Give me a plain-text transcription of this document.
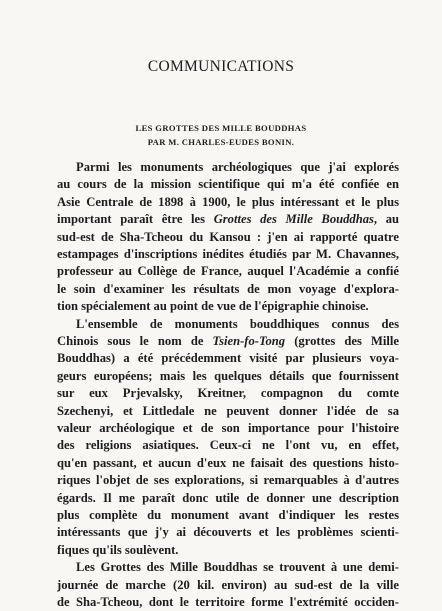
COMMUNICATIONS
LES GROTTES DES MILLE BOUDDHAS
PAR M. CHARLES-EUDES BONIN.
Parmi les monuments archéologiques que j'ai explorés
au cours de la mission scientifique qui m'a été confiée en
Asie Centrale de 1898 à 1900, le plus intéressant et le plus
important paraît être les Grottes des Mille Bouddhas, au
sud-est de Sha-Tcheou du Kansou : j'en ai rapporté quatre
estampages d'inscriptions inédites étudiés par M. Chavannes,
professeur au Collège de France, auquel l'Académie a confié
le soin d'examiner les résultats de mon voyage d'explora-
tion spécialement au point de vue de l'épigraphie chinoise.
L'ensemble de monuments bouddhiques connus des
Chinois sous le nom de Tsien-fo-Tong (grottes des Mille
Bouddhas) a été précédemment visité par plusieurs voya-
geurs européens; mais les quelques détails que fournissent
sur eux Prjevalsky, Kreitner, compagnon du comte
Szechenyi, et Littledale ne peuvent donner l'idée de sa
valeur archéologique et de son importance pour l'histoire
des religions asiatiques. Ceux-ci ne l'ont vu, en effet,
qu'en passant, et aucun d'eux ne faisait des questions histo-
riques l'objet de ses explorations, si remarquables à d'autres
égards. Il me paraît donc utile de donner une description
plus complète du monument avant d'indiquer les restes
intéressants que j'y ai découverts et les problèmes scienti-
fiques qu'ils soulèvent.
Les Grottes des Mille Bouddhas se trouvent à une demi-
journée de marche (20 kil. environ) au sud-est de la ville
de Sha-Tcheou, dont le territoire forme l'extrémité occiden-
